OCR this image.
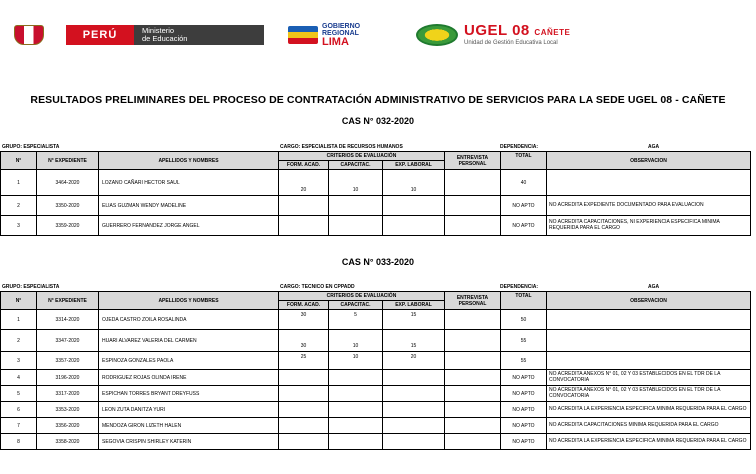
PERÚ	Ministerio
de Educación
GOBIERNO
REGIONAL
LIMA
UGEL 08 CAÑETE
Unidad de Gestión Educativa Local
RESULTADOS PRELIMINARES DEL PROCESO DE CONTRATACIÓN ADMINISTRATIVO DE SERVICIOS PARA LA SEDE UGEL 08 - CAÑETE
CAS N° 032-2020
GRUPO: ESPECIALISTA	CARGO: ESPECIALISTA DE RECURSOS HUMANOS	DEPENDENCIA:	AGA
N°	N° EXPEDIENTE	APELLIDOS Y NOMBRES	CRITERIOS DE EVALUACIÓN			ENTREVISTA
PERSONAL	TOTAL	OBSERVACION
			FORM. ACAD.	CAPACITAC.	EXP. LABORAL			
1	3464-2020	LOZANO CAÑARI HECTOR SAUL	20	10	10		40	
2	3350-2020	ELIAS GUZMAN WENDY MADELINE					NO APTO	NO ACREDITA EXPEDIENTE DOCUMENTADO PARA EVALUACION
3	3359-2020	GUERRERO FERNANDEZ JORGE ANGEL					NO APTO	NO ACREDITA CAPACITACIONES, NI EXPERIENCIA ESPECIFICA MINIMA REQUERIDA PARA EL CARGO
CAS N° 033-2020
GRUPO: ESPECIALISTA	CARGO: TECNICO EN CPPADD	DEPENDENCIA:	AGA
N°	N° EXPEDIENTE	APELLIDOS Y NOMBRES	CRITERIOS DE EVALUACIÓN			ENTREVISTA
PERSONAL	TOTAL	OBSERVACION
			FORM. ACAD.	CAPACITAC.	EXP. LABORAL			
1	3314-2020	OJEDA CASTRO ZOILA ROSALINDA	30	5	15		50	
2	3347-2020	HUARI ALVAREZ VALERIA DEL CARMEN	30	10	15		55	
3	3357-2020	ESPINOZA GONZALES PAOLA	25	10	20		55	
4	3196-2020	RODRIGUEZ ROJAS OLINDA IRENE					NO APTO	NO ACREDITA ANEXOS N° 01, 02 Y 03 ESTABLECIDOS EN EL TDR DE LA CONVOCATORIA
5	3317-2020	ESPICHAN TORRES BRYANT DREYFUSS					NO APTO	NO ACREDITA ANEXOS N° 01, 02 Y 03 ESTABLECIDOS EN EL TDR DE LA CONVOCATORIA
6	3353-2020	LEON ZUTA DANITZA YURI					NO APTO	NO ACREDITA LA EXPERIENCIA ESPECIFICA MINIMA REQUERIDA PARA EL CARGO
7	3356-2020	MENDOZA GIRON LIZETH HALEN					NO APTO	NO ACREDITA CAPACITACIONES MINIMA REQUERIDA PARA EL CARGO
8	3358-2020	SEGOVIA CRISPIN SHIRLEY KATERIN					NO APTO	NO ACREDITA LA EXPERIENCIA ESPECIFICA MINIMA REQUERIDA PARA EL CARGO
